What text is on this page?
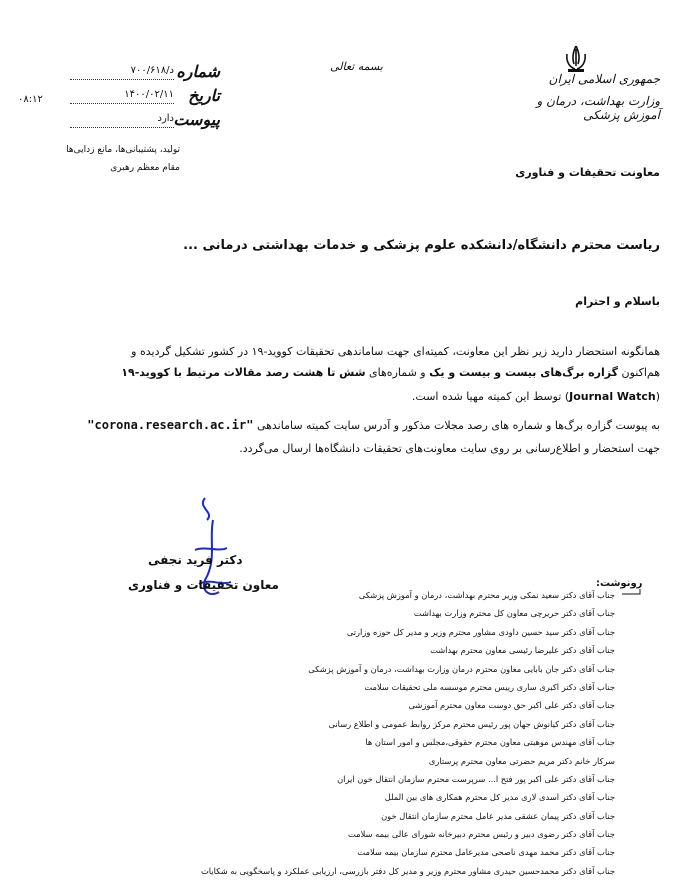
شماره
۷۰۰/۶۱۸/د
تاریخ
۱۴۰۰/۰۲/۱۱
پیوست
دارد
۰۸:۱۲
تولید، پشتیبانی‌ها، مانع زدایی‌ها
مقام معظم رهبری
بسمه تعالی
جمهوری اسلامی ایران
وزارت بهداشت، درمان و آموزش پزشکی
معاونت تحقیقات و فناوری
ریاست محترم دانشگاه/دانشکده علوم پزشکی و خدمات بهداشتی درمانی ...
باسلام و احترام
همانگونه استحضار دارید زیر نظر این معاونت، کمیته‌ای جهت ساماندهی تحقیقات کووید-۱۹ در کشور تشکیل گردیده و
هم‌اکنون گزاره برگ‌های بیست و بیست و یک و شماره‌های شش تا هشت رصد مقالات مرتبط با کووید-۱۹
(Journal Watch) توسط این کمیته مهیا شده است.
به پیوست گزاره برگ‌ها و شماره های رصد مجلات مذکور و آدرس سایت کمیته ساماندهی "corona.research.ac.ir"
جهت استحضار و اطلاع‌رسانی بر روی سایت معاونت‌های تحقیقات دانشگاه‌ها ارسال می‌گردد.
دکتر فرید نجفی
معاون تحقیقات و فناوری	رونوشت:
جناب آقای دکتر سعید نمکی وزیر محترم بهداشت، درمان و آموزش پزشکی
جناب آقای دکتر حریرچی معاون کل محترم وزارت بهداشت
جناب آقای دکتر سید حسین داودی مشاور محترم وزیر و مدیر کل حوزه وزارتی
جناب آقای دکتر علیرضا رئیسی معاون محترم بهداشت
جناب آقای دکتر جان بابایی معاون محترم درمان وزارت بهداشت، درمان و آموزش پزشکی
جناب آقای دکتر اکبری ساری رییس محترم موسسه ملی تحقیقات سلامت
جناب آقای دکتر علی اکبر حق دوست معاون محترم آموزشی
جناب آقای دکتر کیانوش جهان پور رئیس محترم مرکز روابط عمومی و اطلاع رسانی
جناب آقای مهندس موهبتی معاون محترم حقوقی،مجلس و امور استان ها
سرکار خانم دکتر مریم حضرتی معاون محترم پرستاری
جناب آقای دکتر علی اکبر پور فتح ا... سرپرست محترم سازمان انتقال خون ایران
جناب آقای دکتر اسدی لاری مدیر کل محترم همکاری های بین الملل
جناب آقای دکتر پیمان عشقی مدیر عامل محترم سازمان انتقال خون
جناب آقای دکتر رضوی دبیر و رئیس محترم دبیرخانه شورای عالی بیمه سلامت
جناب آقای دکتر محمد مهدی ناصحی مدیرعامل محترم سازمان بیمه سلامت
جناب آقای دکتر محمدحسین حیدری مشاور محترم وزیر و مدیر کل دفتر بازرسی، ارزیابی عملکرد و پاسخگویی به شکایات
